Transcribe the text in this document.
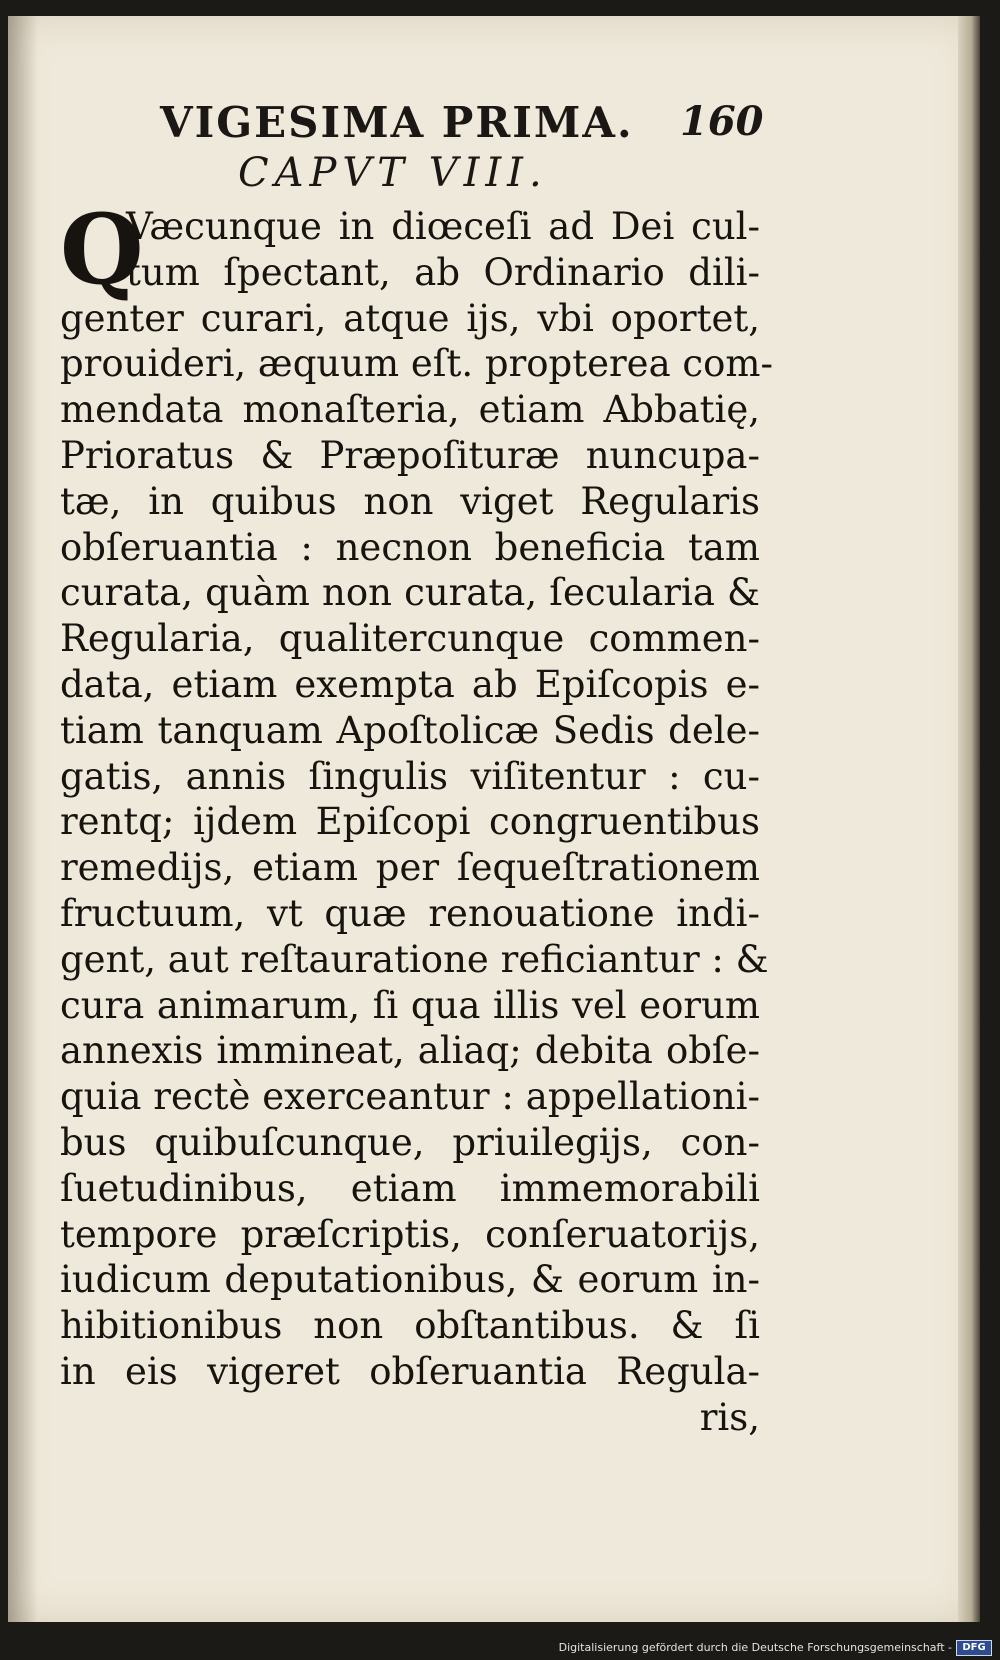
VIGESIMA PRIMA. 160
CAPVT VIII.
Q
Væcunque in diœceſi ad Dei cul-
tum ſpectant, ab Ordinario dili-
genter curari, atque ijs, vbi oportet,
prouideri, æquum eſt. propterea com-
mendata monaſteria, etiam Abbatię,
Prioratus & Præpoſituræ nuncupa-
tæ, in quibus non viget Regularis
obſeruantia : necnon beneficia tam
curata, quàm non curata, ſecularia &
Regularia, qualitercunque commen-
data, etiam exempta ab Epiſcopis e-
tiam tanquam Apoſtolicæ Sedis dele-
gatis, annis ſingulis viſitentur : cu-
rentq; ijdem Epiſcopi congruentibus
remedijs, etiam per ſequeſtrationem
fructuum, vt quæ renouatione indi-
gent, aut reſtauratione reficiantur : &
cura animarum, ſi qua illis vel eorum
annexis immineat, aliaq; debita obſe-
quia rectè exerceantur : appellationi-
bus quibuſcunque, priuilegijs, con-
ſuetudinibus, etiam immemorabili
tempore præſcriptis, conſeruatorijs,
iudicum deputationibus, & eorum in-
hibitionibus non obſtantibus. & ſi
in eis vigeret obſeruantia Regula-
ris,
Digitalisierung gefördert durch die Deutsche Forschungsgemeinschaft -	DFG
